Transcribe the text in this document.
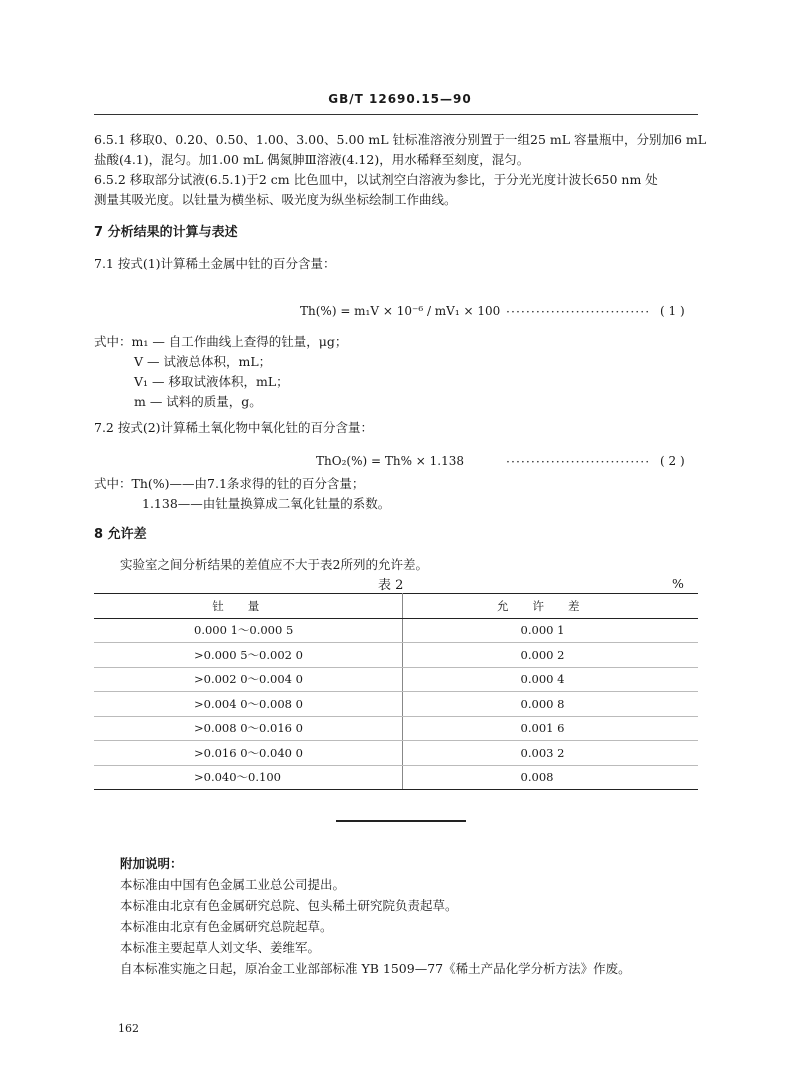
GB/T 12690.15—90
6.5.1 移取0、0.20、0.50、1.00、3.00、5.00 mL 钍标准溶液分别置于一组25 mL 容量瓶中，分别加6 mL
盐酸(4.1)，混匀。加1.00 mL 偶氮胂Ⅲ溶液(4.12)，用水稀释至刻度，混匀。
6.5.2 移取部分试液(6.5.1)于2 cm 比色皿中，以试剂空白溶液为参比，于分光光度计波长650 nm 处
测量其吸光度。以钍量为横坐标、吸光度为纵坐标绘制工作曲线。
7 分析结果的计算与表述
7.1 按式(1)计算稀土金属中钍的百分含量：
Th(%) = m₁V × 10⁻⁶ / mV₁ × 100 ····························· ( 1 )
式中：m₁ — 自工作曲线上查得的钍量，μg；
V — 试液总体积，mL；
V₁ — 移取试液体积，mL；
m — 试料的质量，g。
7.2 按式(2)计算稀土氧化物中氧化钍的百分含量：
ThO₂(%) = Th% × 1.138	····························· ( 2 )
式中：Th(%)——由7.1条求得的钍的百分含量；
1.138——由钍量换算成二氧化钍量的系数。
8 允许差
实验室之间分析结果的差值应不大于表2所列的允许差。
表 2	%
钍量	允许差
0.000 1～0.000 5	0.000 1
>0.000 5～0.002 0	0.000 2
>0.002 0～0.004 0	0.000 4
>0.004 0～0.008 0	0.000 8
>0.008 0～0.016 0	0.001 6
>0.016 0～0.040 0	0.003 2
>0.040～0.100	0.008
附加说明：
本标准由中国有色金属工业总公司提出。
本标准由北京有色金属研究总院、包头稀土研究院负责起草。
本标准由北京有色金属研究总院起草。
本标准主要起草人刘文华、姜维军。
自本标准实施之日起，原冶金工业部部标准 YB 1509—77《稀土产品化学分析方法》作废。
162
